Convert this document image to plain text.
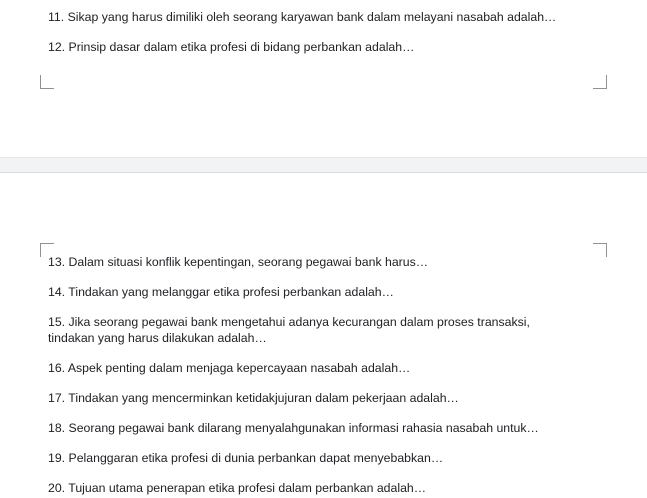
11. Sikap yang harus dimiliki oleh seorang karyawan bank dalam melayani nasabah adalah…
12. Prinsip dasar dalam etika profesi di bidang perbankan adalah…
13. Dalam situasi konflik kepentingan, seorang pegawai bank harus…
14. Tindakan yang melanggar etika profesi perbankan adalah…
15. Jika seorang pegawai bank mengetahui adanya kecurangan dalam proses transaksi, tindakan yang harus dilakukan adalah…
16. Aspek penting dalam menjaga kepercayaan nasabah adalah…
17. Tindakan yang mencerminkan ketidakjujuran dalam pekerjaan adalah…
18. Seorang pegawai bank dilarang menyalahgunakan informasi rahasia nasabah untuk…
19. Pelanggaran etika profesi di dunia perbankan dapat menyebabkan…
20. Tujuan utama penerapan etika profesi dalam perbankan adalah…
